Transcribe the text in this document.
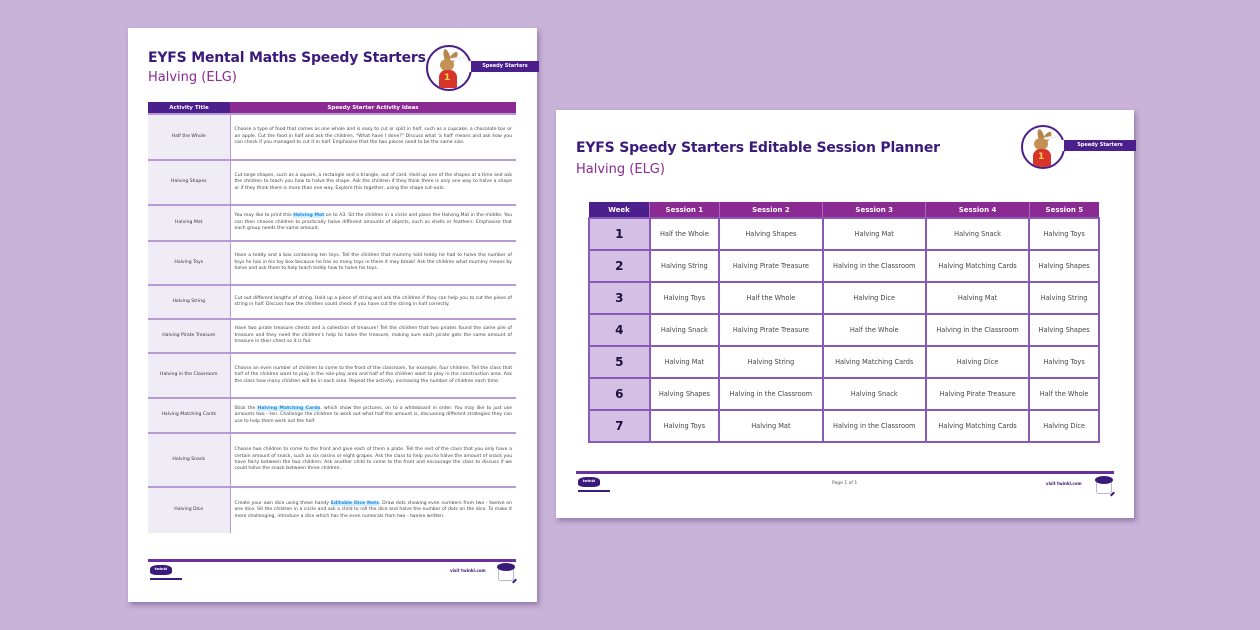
EYFS Mental Maths Speedy Starters
Halving (ELG)	1
Speedy Starters
Activity Title	Speedy Starter Activity Ideas
Half the Whole	Choose a type of food that comes as one whole and is easy to cut or split in half, such as a cupcake, a chocolate bar or an apple. Cut the food in half and ask the children, "What have I done?" Discuss what 'a half' means and ask how you can check if you managed to cut it in half. Emphasise that the two pieces need to be the same size.
Halving Shapes	Cut large shapes, such as a square, a rectangle and a triangle, out of card. Hold up one of the shapes at a time and ask the children to teach you how to halve the shape. Ask the children if they think there is only one way to halve a shape or if they think there is more than one way. Explore this together, using the shape cut-outs.
Halving Mat	You may like to print this Halving Mat on to A3. Sit the children in a circle and place the Halving Mat in the middle. You can then choose children to practically halve different amounts of objects, such as shells or feathers. Emphasise that each group needs the same amount.
Halving Toys	Have a teddy and a box containing ten toys. Tell the children that mummy told teddy he had to halve the number of toys he has in his toy box because he has so many toys in there it may break! Ask the children what mummy means by halve and ask them to help teach teddy how to halve his toys.
Halving String	Cut out different lengths of string. Hold up a piece of string and ask the children if they can help you to cut the piece of string in half. Discuss how the children could check if you have cut the string in half correctly.
Halving Pirate Treasure	Have two pirate treasure chests and a collection of treasure! Tell the children that two pirates found the same pile of treasure and they need the children's help to halve the treasure, making sure each pirate gets the same amount of treasure in their chest so it is fair.
Halving in the Classroom	Choose an even number of children to come to the front of the classroom, for example, four children. Tell the class that half of the children want to play in the role-play area and half of the children want to play in the construction area. Ask the class how many children will be in each area. Repeat the activity, increasing the number of children each time.
Halving Matching Cards	Stick the Halving Matching Cards, which show the pictures, on to a whiteboard in order. You may like to just use amounts two - ten. Challenge the children to work out what half the amount is, discussing different strategies they can use to help them work out the half.
Halving Snack	Choose two children to come to the front and give each of them a plate. Tell the rest of the class that you only have a certain amount of snack, such as six raisins or eight grapes. Ask the class to help you to halve the amount of snack you have fairly between the two children. Ask another child to come to the front and encourage the class to discuss if we could halve the snack between three children.
Halving Dice	Create your own dice using these handy Editable Dice Nets. Draw dots showing even numbers from two - twelve on one dice. Sit the children in a circle and ask a child to roll the dice and halve the number of dots on the dice. To make it more challenging, introduce a dice which has the even numerals from two - twelve written.
twinkl	visit twinkl.com
EYFS Speedy Starters Editable Session Planner
Halving (ELG)
1
Speedy Starters
Week	Session 1	Session 2	Session 3	Session 4	Session 5
1	Half the Whole	Halving Shapes	Halving Mat	Halving Snack	Halving Toys
2	Halving String	Halving Pirate Treasure	Halving in the Classroom	Halving Matching Cards	Halving Shapes
3	Halving Toys	Half the Whole	Halving Dice	Halving Mat	Halving String
4	Halving Snack	Halving Pirate Treasure	Half the Whole	Halving in the Classroom	Halving Shapes
5	Halving Mat	Halving String	Halving Matching Cards	Halving Dice	Halving Toys
6	Halving Shapes	Halving in the Classroom	Halving Snack	Halving Pirate Treasure	Half the Whole
7	Halving Toys	Halving Mat	Halving in the Classroom	Halving Matching Cards	Halving Dice
twinkl	Page 1 of 1	visit twinkl.com
